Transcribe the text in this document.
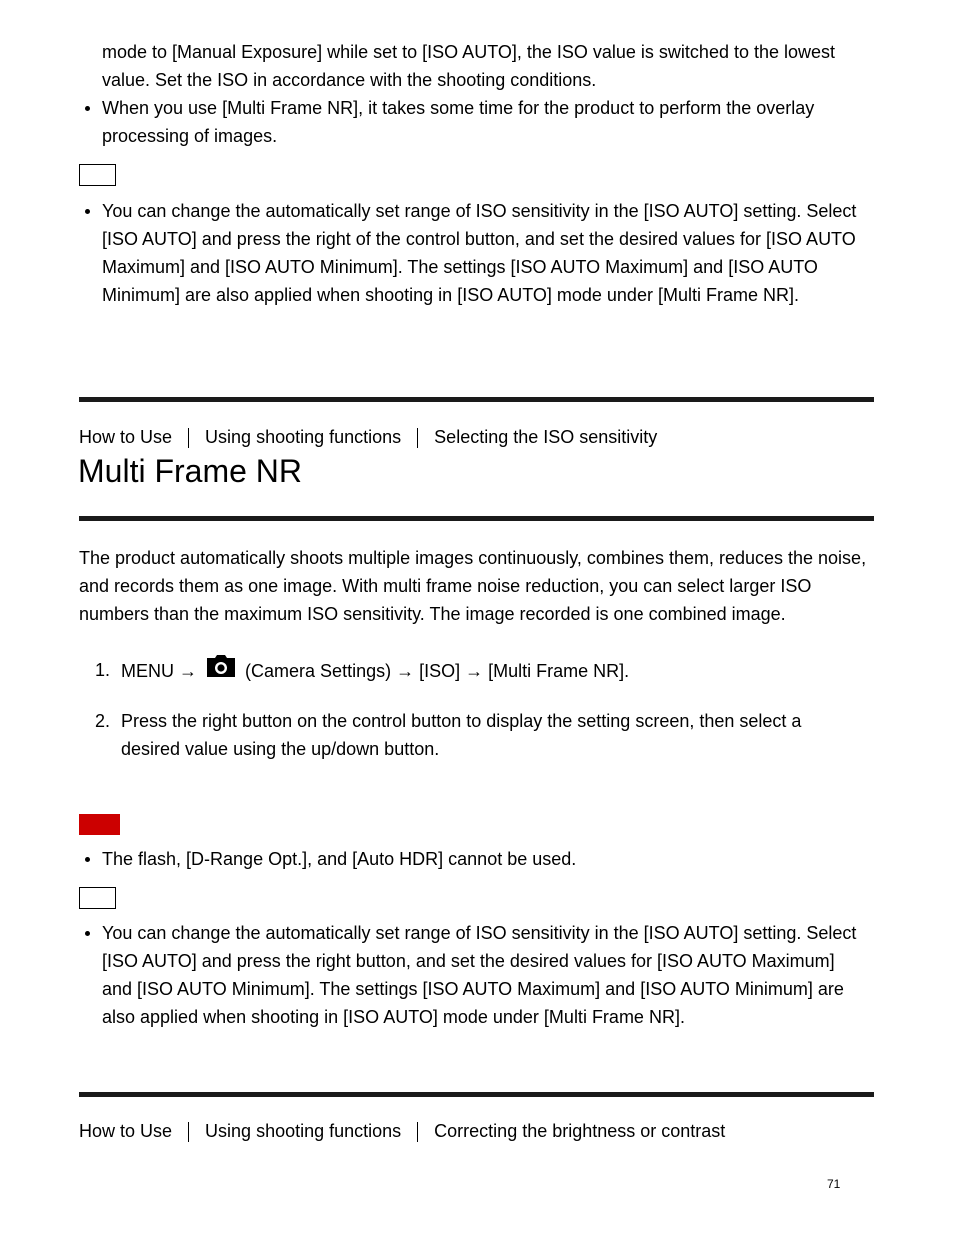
mode to [Manual Exposure] while set to [ISO AUTO], the ISO value is switched to the lowest value. Set the ISO in accordance with the shooting conditions.
When you use [Multi Frame NR], it takes some time for the product to perform the overlay processing of images.
You can change the automatically set range of ISO sensitivity in the [ISO AUTO] setting. Select [ISO AUTO] and press the right of the control button, and set the desired values for [ISO AUTO Maximum] and [ISO AUTO Minimum]. The settings [ISO AUTO Maximum] and [ISO AUTO Minimum] are also applied when shooting in [ISO AUTO] mode under [Multi Frame NR].
How to Use Using shooting functions Selecting the ISO sensitivity
Multi Frame NR
The product automatically shoots multiple images continuously, combines them, reduces the noise, and records them as one image. With multi frame noise reduction, you can select larger ISO numbers than the maximum ISO sensitivity. The image recorded is one combined image.
1. MENU →	(Camera Settings) → [ISO] → [Multi Frame NR].
2. Press the right button on the control button to display the setting screen, then select a desired value using the up/down button.
The flash, [D-Range Opt.], and [Auto HDR] cannot be used.
You can change the automatically set range of ISO sensitivity in the [ISO AUTO] setting. Select [ISO AUTO] and press the right button, and set the desired values for [ISO AUTO Maximum] and [ISO AUTO Minimum]. The settings [ISO AUTO Maximum] and [ISO AUTO Minimum] are also applied when shooting in [ISO AUTO] mode under [Multi Frame NR].
How to Use Using shooting functions Correcting the brightness or contrast
71
